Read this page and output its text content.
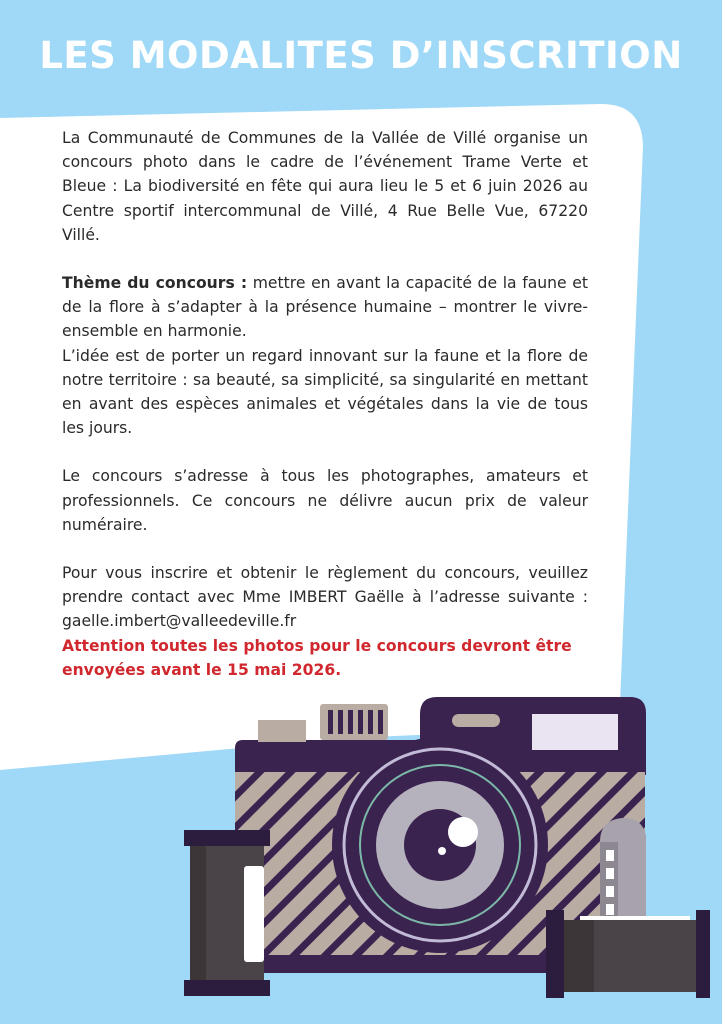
LES MODALITES D’INSCRITION

La Communauté de Communes de la Vallée de Villé organise un concours photo dans le cadre de l’événement Trame Verte et Bleue : La biodiversité en fête qui aura lieu le 5 et 6 juin 2026 au Centre sportif intercommunal de Villé, 4 Rue Belle Vue, 67220 Villé.

Thème du concours : mettre en avant la capacité de la faune et de la flore à s’adapter à la présence humaine – montrer le vivre-ensemble en harmonie.

L’idée est de porter un regard innovant sur la faune et la flore de notre territoire : sa beauté, sa simplicité, sa singularité en mettant en avant des espèces animales et végétales dans la vie de tous les jours.

Le concours s’adresse à tous les photographes, amateurs et professionnels. Ce concours ne délivre aucun prix de valeur numéraire.

Pour vous inscrire et obtenir le règlement du concours, veuillez prendre contact avec Mme IMBERT Gaëlle à l’adresse suivante : gaelle.imbert@valleedeville.fr

Attention toutes les photos pour le concours devront être envoyées avant le 15 mai 2026.
